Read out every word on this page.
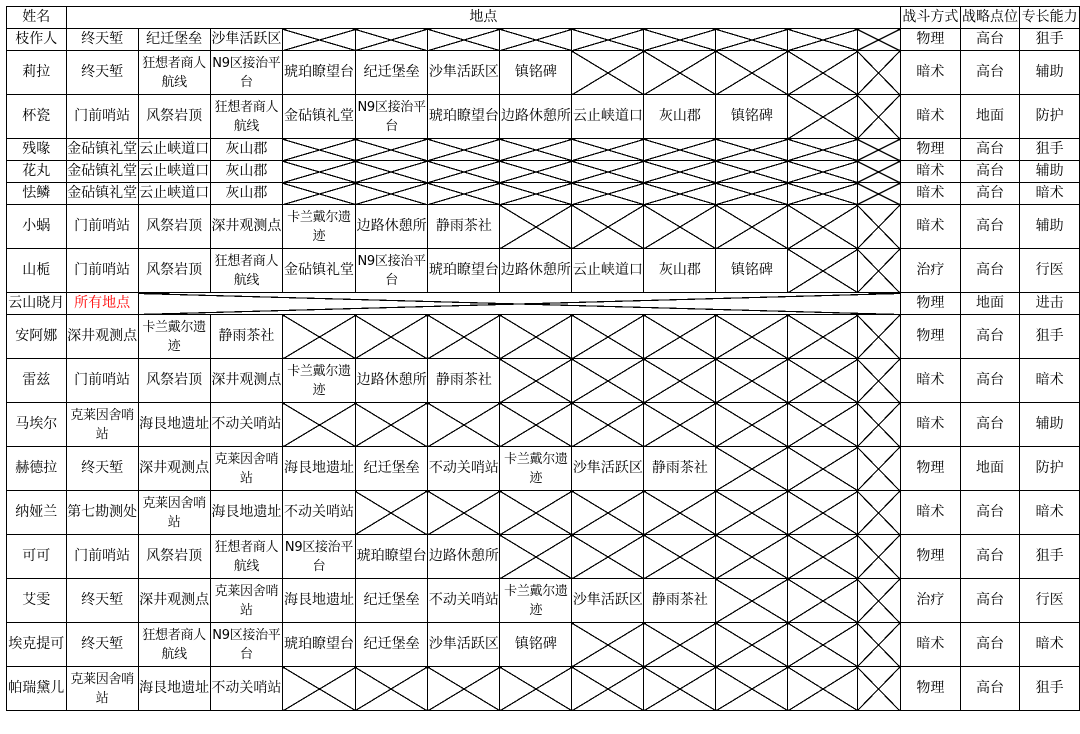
姓名	地点												战斗方式	战略点位	专长能力
枝作人	终天堑	纪迁堡垒	沙隼活跃区										物理	高台	狙手
莉拉	终天堑	狂想者商人航线	N9区接治平台	琥珀瞭望台	纪迁堡垒	沙隼活跃区	镇铭碑						暗术	高台	辅助
杯瓷	门前哨站	风祭岩顶	狂想者商人航线	金砧镇礼堂	N9区接治平台	琥珀瞭望台	边路休憩所	云止峡道口	灰山郡	镇铭碑			暗术	地面	防护
残喙	金砧镇礼堂	云止峡道口	灰山郡										物理	高台	狙手
花丸	金砧镇礼堂	云止峡道口	灰山郡										暗术	高台	辅助
怯鳞	金砧镇礼堂	云止峡道口	灰山郡										暗术	高台	暗术
小蜗	门前哨站	风祭岩顶	深井观测点	卡兰戴尔遗迹	边路休憩所	静雨茶社							暗术	高台	辅助
山栀	门前哨站	风祭岩顶	狂想者商人航线	金砧镇礼堂	N9区接治平台	琥珀瞭望台	边路休憩所	云止峡道口	灰山郡	镇铭碑			治疗	高台	行医
云山晓月	所有地点												物理	地面	进击
安阿娜	深井观测点	卡兰戴尔遗迹	静雨茶社										物理	高台	狙手
雷兹	门前哨站	风祭岩顶	深井观测点	卡兰戴尔遗迹	边路休憩所	静雨茶社							暗术	高台	暗术
马埃尔	克莱因舍哨站	海艮地遗址	不动关哨站										暗术	高台	辅助
赫德拉	终天堑	深井观测点	克莱因舍哨站	海艮地遗址	纪迁堡垒	不动关哨站	卡兰戴尔遗迹	沙隼活跃区	静雨茶社				物理	地面	防护
纳娅兰	第七勘测处	克莱因舍哨站	海艮地遗址	不动关哨站									暗术	高台	暗术
可可	门前哨站	风祭岩顶	狂想者商人航线	N9区接治平台	琥珀瞭望台	边路休憩所							物理	高台	狙手
艾雯	终天堑	深井观测点	克莱因舍哨站	海艮地遗址	纪迁堡垒	不动关哨站	卡兰戴尔遗迹	沙隼活跃区	静雨茶社				治疗	高台	行医
埃克提可	终天堑	狂想者商人航线	N9区接治平台	琥珀瞭望台	纪迁堡垒	沙隼活跃区	镇铭碑						暗术	高台	暗术
帕瑞黛儿	克莱因舍哨站	海艮地遗址	不动关哨站										物理	高台	狙手
